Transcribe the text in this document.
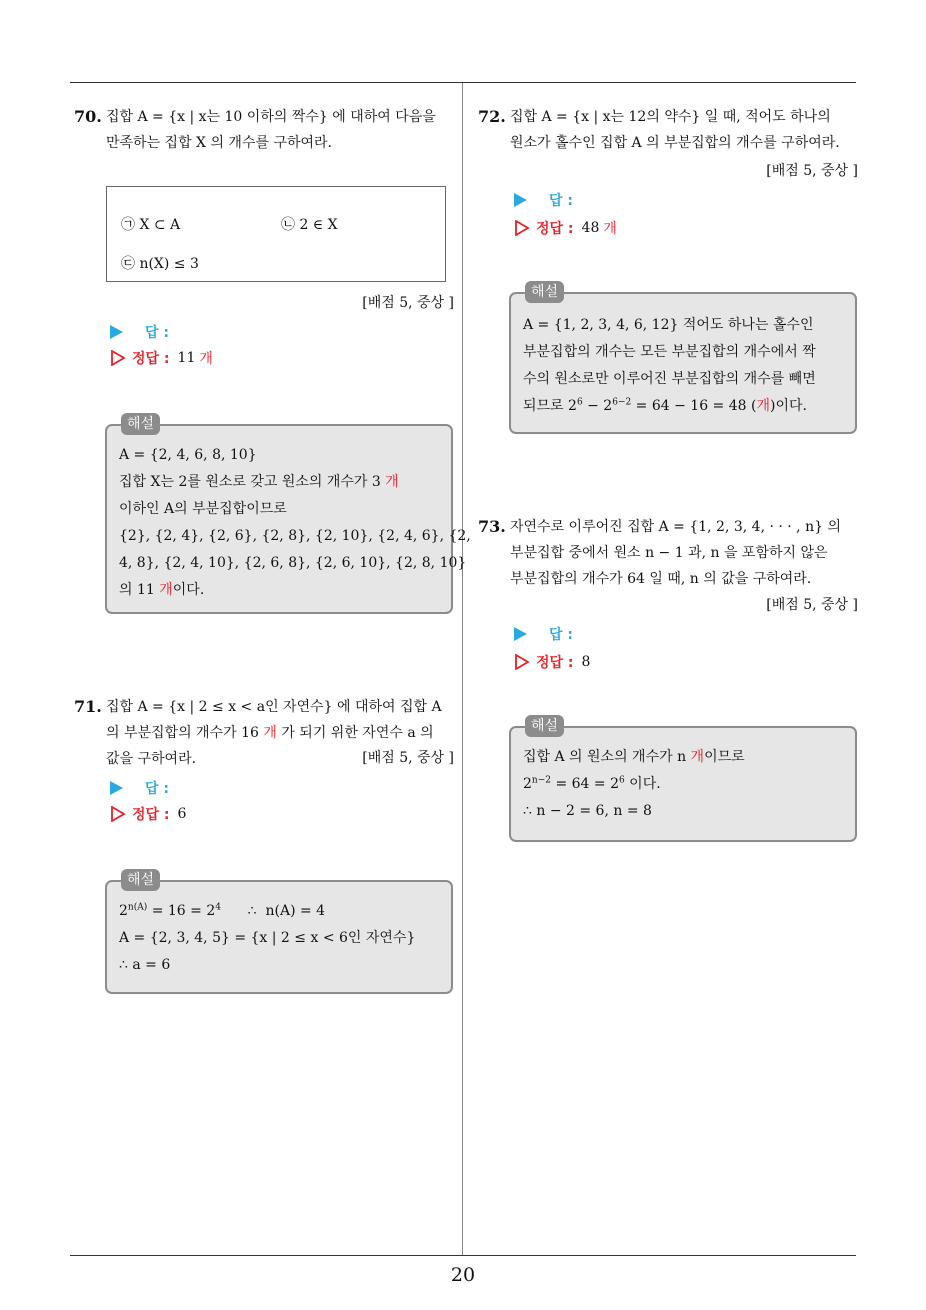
20
70. 집합 A = {x | x는 10 이하의 짝수} 에 대하여 다음을
만족하는 집합 X 의 개수를 구하여라.
㉠ X ⊂ A	㉡ 2 ∈ X
㉢ n(X) ≤ 3
[배점 5, 중상 ]
답 :
정답 : 11 개
해설
A = {2, 4, 6, 8, 10}
집합 X는 2를 원소로 갖고 원소의 개수가 3 개
이하인 A의 부분집합이므로
{2}, {2, 4}, {2, 6}, {2, 8}, {2, 10}, {2, 4, 6}, {2,
4, 8}, {2, 4, 10}, {2, 6, 8}, {2, 6, 10}, {2, 8, 10}
의 11 개이다.
71. 집합 A = {x | 2 ≤ x < a인 자연수} 에 대하여 집합 A
의 부분집합의 개수가 16 개 가 되기 위한 자연수 a 의
값을 구하여라.	[배점 5, 중상 ]
답 :
정답 : 6
해설
$2^{n(A)} = 16 = 2^4$      ∴  n(A) = 4
A = {2, 3, 4, 5} = {x | 2 ≤ x < 6인 자연수}
∴ a = 6
72. 집합 A = {x | x는 12의 약수} 일 때, 적어도 하나의
원소가 홀수인 집합 A 의 부분집합의 개수를 구하여라.
[배점 5, 중상 ]
답 :
정답 : 48 개
해설
A = {1, 2, 3, 4, 6, 12} 적어도 하나는 홀수인
부분집합의 개수는 모든 부분집합의 개수에서 짝
수의 원소로만 이루어진 부분집합의 개수를 빼면
되므로 $2^6 - 2^{6-2} = 64 - 16 = 48$ (개)이다.
73. 자연수로 이루어진 집합 A = {1, 2, 3, 4, · · · , n} 의
부분집합 중에서 원소 n − 1 과, n 을 포함하지 않은
부분집합의 개수가 64 일 때, n 의 값을 구하여라.
[배점 5, 중상 ]
답 :
정답 : 8
해설
집합 A 의 원소의 개수가 n 개이므로
$2^{n-2} = 64 = 2^6$ 이다.
∴ n − 2 = 6, n = 8
